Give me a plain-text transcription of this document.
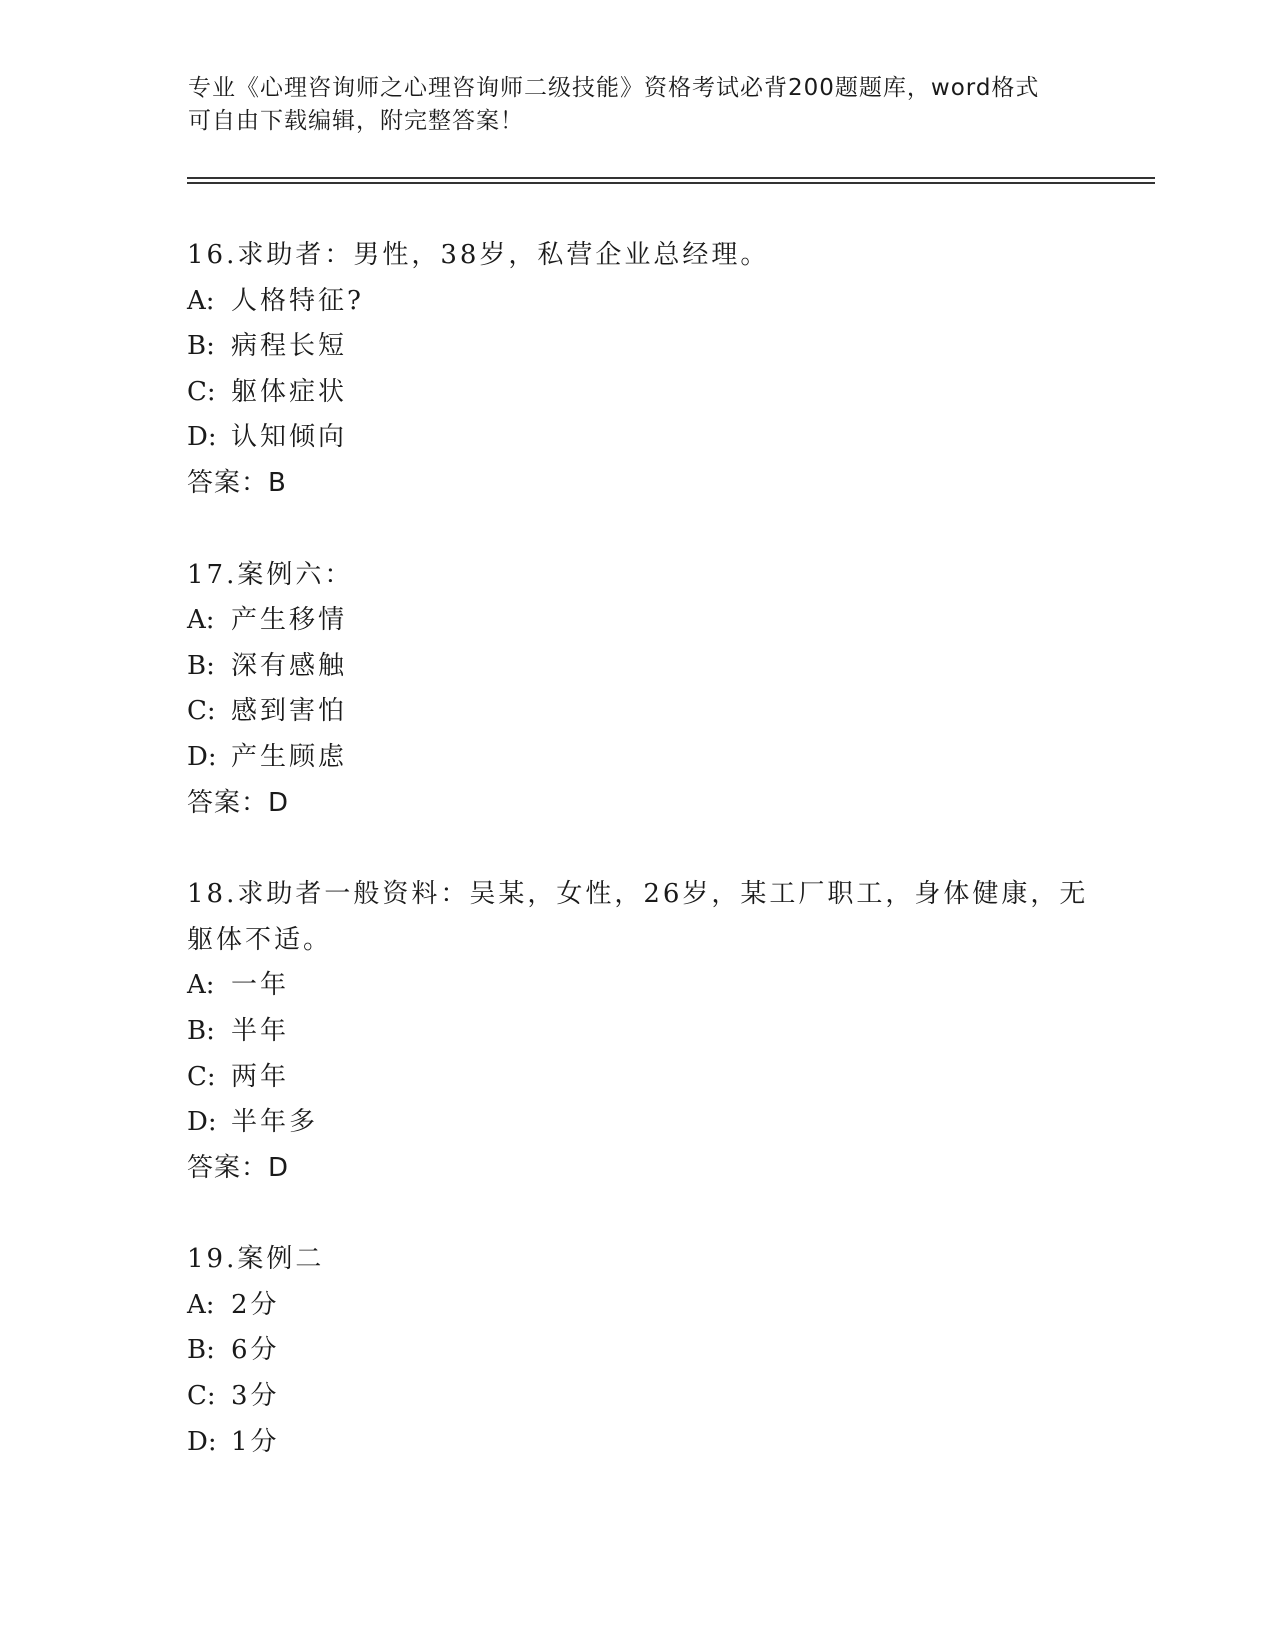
专业《心理咨询师之心理咨询师二级技能》资格考试必背200题题库，word格式
可自由下载编辑，附完整答案！
16.求助者：男性，38岁，私营企业总经理。
A: 人格特征?
B: 病程长短
C: 躯体症状
D: 认知倾向
答案：B
17.案例六：
A: 产生移情
B: 深有感触
C: 感到害怕
D: 产生顾虑
答案：D
18.求助者一般资料：吴某，女性，26岁，某工厂职工，身体健康，无
躯体不适。
A: 一年
B: 半年
C: 两年
D: 半年多
答案：D
19.案例二
A: 2分
B: 6分
C: 3分
D: 1分
